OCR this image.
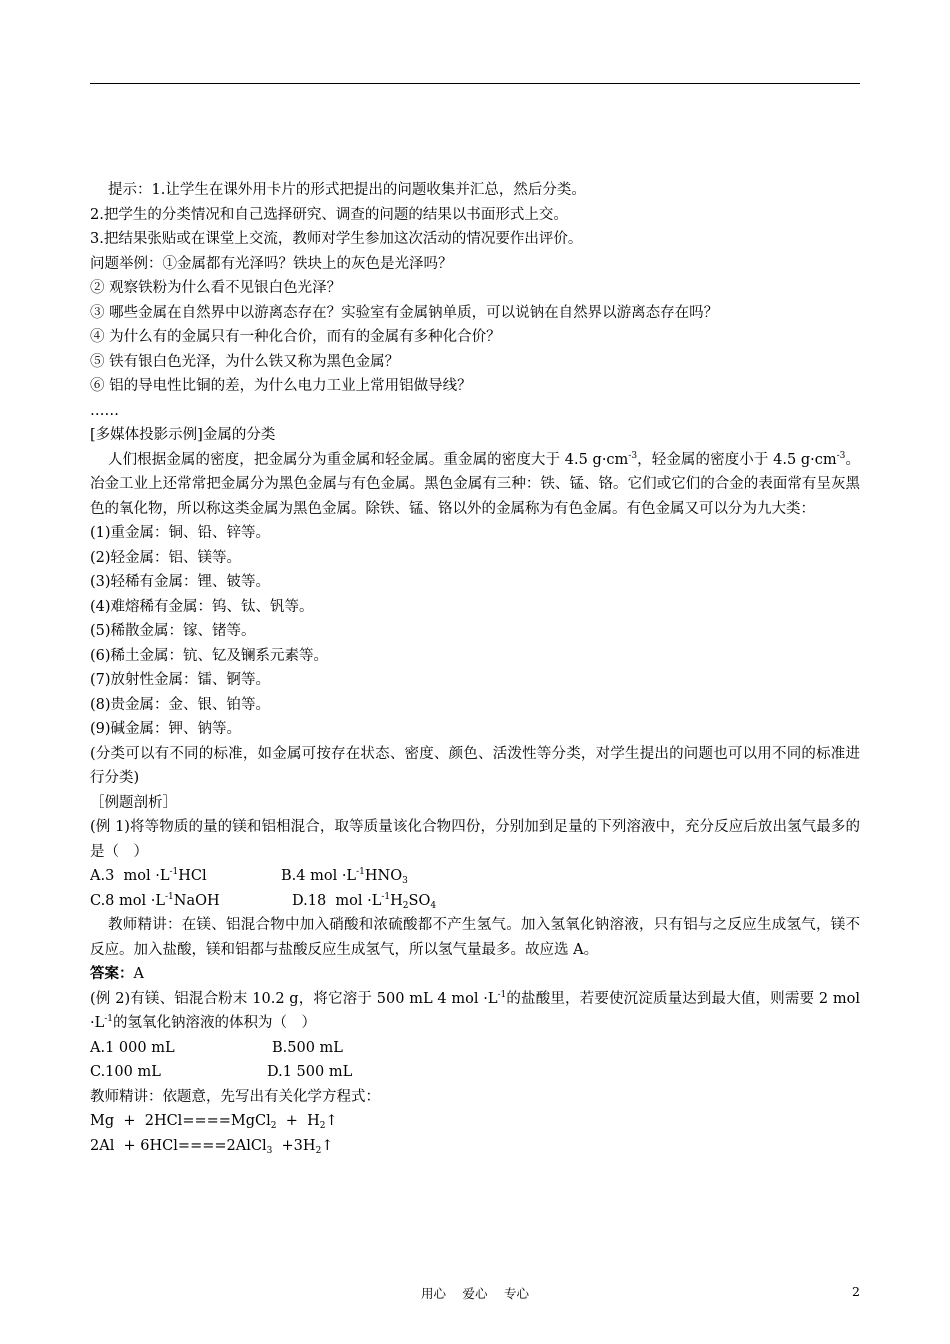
提示：1.让学生在课外用卡片的形式把提出的问题收集并汇总，然后分类。
2.把学生的分类情况和自己选择研究、调查的问题的结果以书面形式上交。
3.把结果张贴或在课堂上交流，教师对学生参加这次活动的情况要作出评价。
问题举例：①金属都有光泽吗？铁块上的灰色是光泽吗？
② 观察铁粉为什么看不见银白色光泽？
③ 哪些金属在自然界中以游离态存在？实验室有金属钠单质，可以说钠在自然界以游离态存在吗？
④ 为什么有的金属只有一种化合价，而有的金属有多种化合价？
⑤ 铁有银白色光泽，为什么铁又称为黑色金属？
⑥ 铝的导电性比铜的差，为什么电力工业上常用铝做导线？
……
[多媒体投影示例]金属的分类
人们根据金属的密度，把金属分为重金属和轻金属。重金属的密度大于 4.5 $g\cdot cm^{-3}$，轻金属的密度小于 4.5 $g\cdot cm^{-3}$。冶金工业上还常常把金属分为黑色金属与有色金属。黑色金属有三种：铁、锰、铬。它们或它们的合金的表面常有呈灰黑色的氧化物，所以称这类金属为黑色金属。除铁、锰、铬以外的金属称为有色金属。有色金属又可以分为九大类：
(1)重金属：铜、铅、锌等。
(2)轻金属：铝、镁等。
(3)轻稀有金属：锂、铍等。
(4)难熔稀有金属：钨、钛、钒等。
(5)稀散金属：镓、锗等。
(6)稀土金属：钪、钇及镧系元素等。
(7)放射性金属：镭、锕等。
(8)贵金属：金、银、铂等。
(9)碱金属：钾、钠等。
(分类可以有不同的标准，如金属可按存在状态、密度、颜色、活泼性等分类，对学生提出的问题也可以用不同的标准进行分类)
［例题剖析］
(例 1)将等物质的量的镁和铝相混合，取等质量该化合物四份，分别加到足量的下列溶液中，充分反应后放出氢气最多的是（　）
A.3  mol $\cdot L^{-1}HCl$	B.4 mol $\cdot L^{-1}HNO_3$
C.8 mol $\cdot L^{-1}NaOH$	D.18  mol $\cdot L^{-1}H_2SO_4$
教师精讲：在镁、铝混合物中加入硝酸和浓硫酸都不产生氢气。加入氢氧化钠溶液，只有铝与之反应生成氢气，镁不反应。加入盐酸，镁和铝都与盐酸反应生成氢气，所以氢气量最多。故应选 A。
答案：A
(例 2)有镁、铝混合粉末 10.2 g，将它溶于 500 mL 4 mol $\cdot L^{-1}$的盐酸里，若要使沉淀质量达到最大值，则需要 2 mol $\cdot L^{-1}$的氢氧化钠溶液的体积为（　）
A.1 000 mL	B.500 mL
C.100 mL	D.1 500 mL
教师精讲：依题意，先写出有关化学方程式：
Mg  +  2HCl====MgCl$_2$  +  $H_2↑$
2Al  + 6HCl====2AlCl$_3$  $+3H_2↑$
用心　 爱心　 专心	2
